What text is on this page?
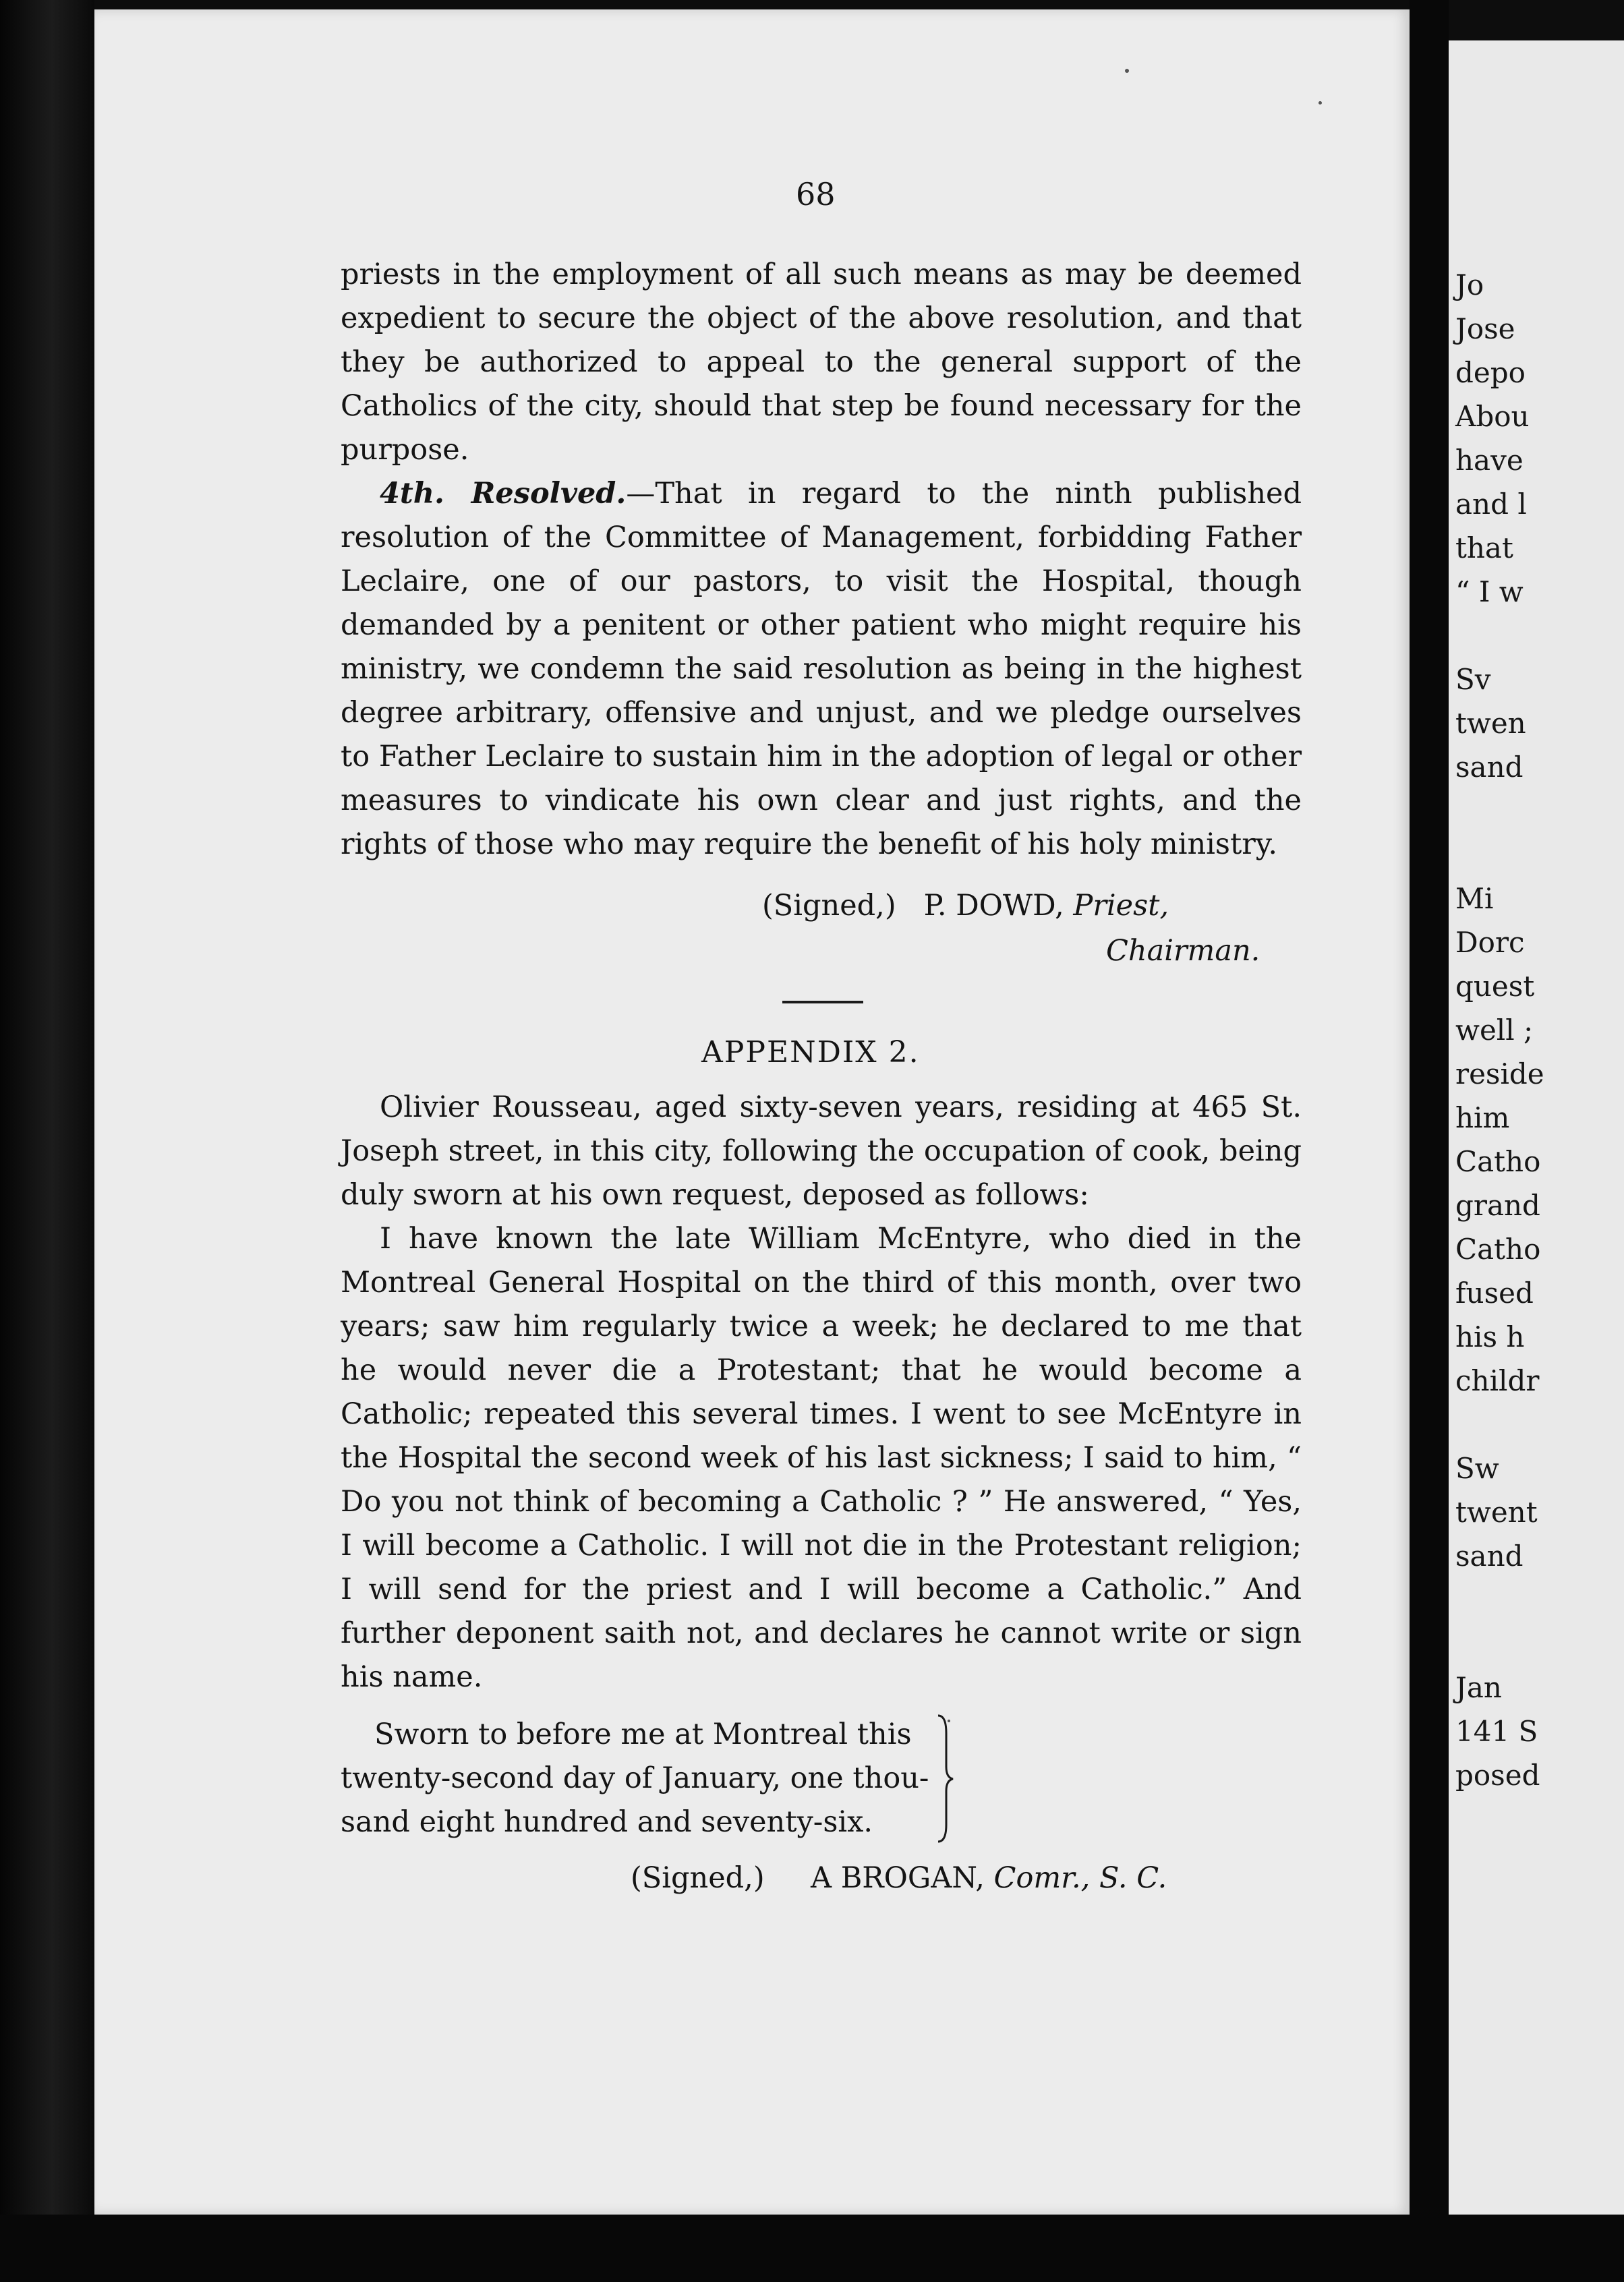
Jo
Jose
depo
Abou
have
and l
that
“ I w

Sv
twen
sand

Mi
Dorc
quest
well ;
reside
him
Catho
grand
Catho
fused
his h
childr

Sw
twent
sand

Jan
141 S
posed
68

priests in the employment of all such means as may be deemed expedient to secure the object of the above resolution, and that they be authorized to appeal to the general support of the Catholics of the city, should that step be found necessary for the purpose.

4th. Resolved.—That in regard to the ninth published resolution of the Committee of Management, forbidding Father Leclaire, one of our pastors, to visit the Hospital, though demanded by a penitent or other patient who might require his ministry, we condemn the said resolution as being in the highest degree arbitrary, offensive and unjust, and we pledge ourselves to Father Leclaire to sustain him in the adoption of legal or other measures to vindicate his own clear and just rights, and the rights of those who may require the benefit of his holy ministry.

(Signed,) P. DOWD, Priest,
Chairman.
APPENDIX 2.

Olivier Rousseau, aged sixty-seven years, residing at 465 St. Joseph street, in this city, following the occupation of cook, being duly sworn at his own request, deposed as follows:

I have known the late William McEntyre, who died in the Montreal General Hospital on the third of this month, over two years; saw him regularly twice a week; he declared to me that he would never die a Protestant; that he would become a Catholic; repeated this several times. I went to see McEntyre in the Hospital the second week of his last sickness; I said to him, “ Do you not think of becoming a Catholic ? ” He answered, “ Yes, I will become a Catholic. I will not die in the Protestant religion; I will send for the priest and I will become a Catholic.” And further deponent saith not, and declares he cannot write or sign his name.

Sworn to before me at Montreal this
twenty-second day of January, one thou-
sand eight hundred and seventy-six.
(Signed,) A BROGAN, Comr., S. C.
